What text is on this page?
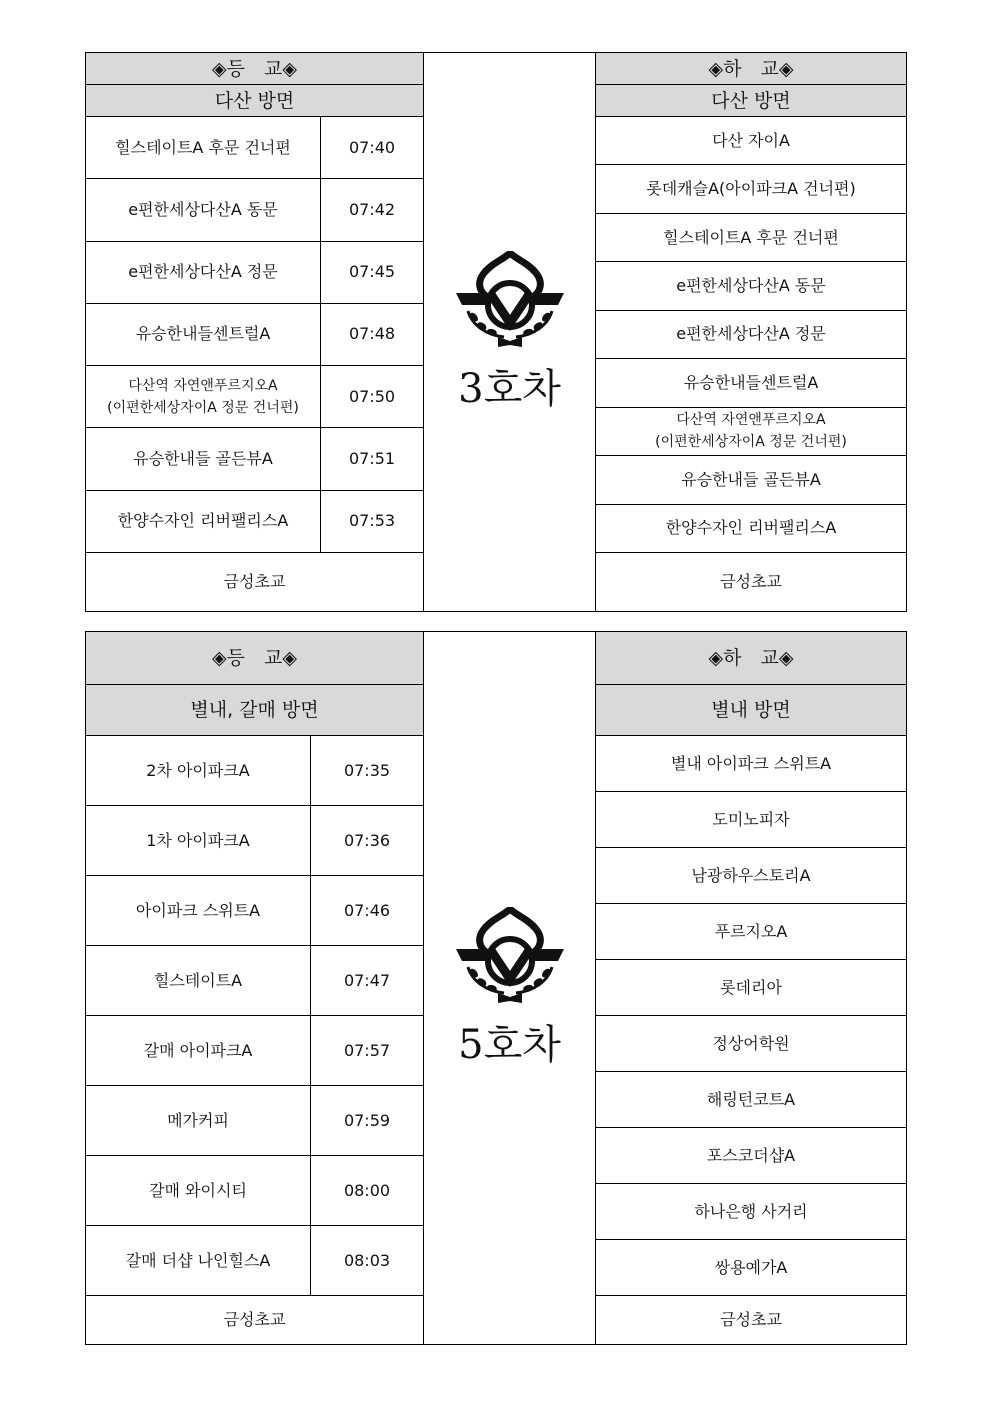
◈등　교◈
다산 방면
힐스테이트A 후문 건너편	07:40
e편한세상다산A 동문	07:42
e편한세상다산A 정문	07:45
유승한내들센트럴A	07:48
다산역 자연앤푸르지오A
(이편한세상자이A 정문 건너편)
07:50
유승한내들 골든뷰A	07:51
한양수자인 리버팰리스A	07:53
금성초교
3호차
◈하　교◈
다산 방면
다산 자이A
롯데캐슬A(아이파크A 건너편)
힐스테이트A 후문 건너편
e편한세상다산A 동문
e편한세상다산A 정문
유승한내들센트럴A
다산역 자연앤푸르지오A
(이편한세상자이A 정문 건너편)
유승한내들 골든뷰A
한양수자인 리버팰리스A
금성초교
◈등　교◈
별내, 갈매 방면
2차 아이파크A	07:35
1차 아이파크A	07:36
아이파크 스위트A	07:46
힐스테이트A	07:47
갈매 아이파크A	07:57
메가커피	07:59
갈매 와이시티	08:00
갈매 더샵 나인힐스A	08:03
금성초교
5호차
◈하　교◈
별내 방면
별내 아이파크 스위트A
도미노피자
남광하우스토리A
푸르지오A
롯데리아
정상어학원
해링턴코트A
포스코더샵A
하나은행 사거리
쌍용예가A
금성초교
